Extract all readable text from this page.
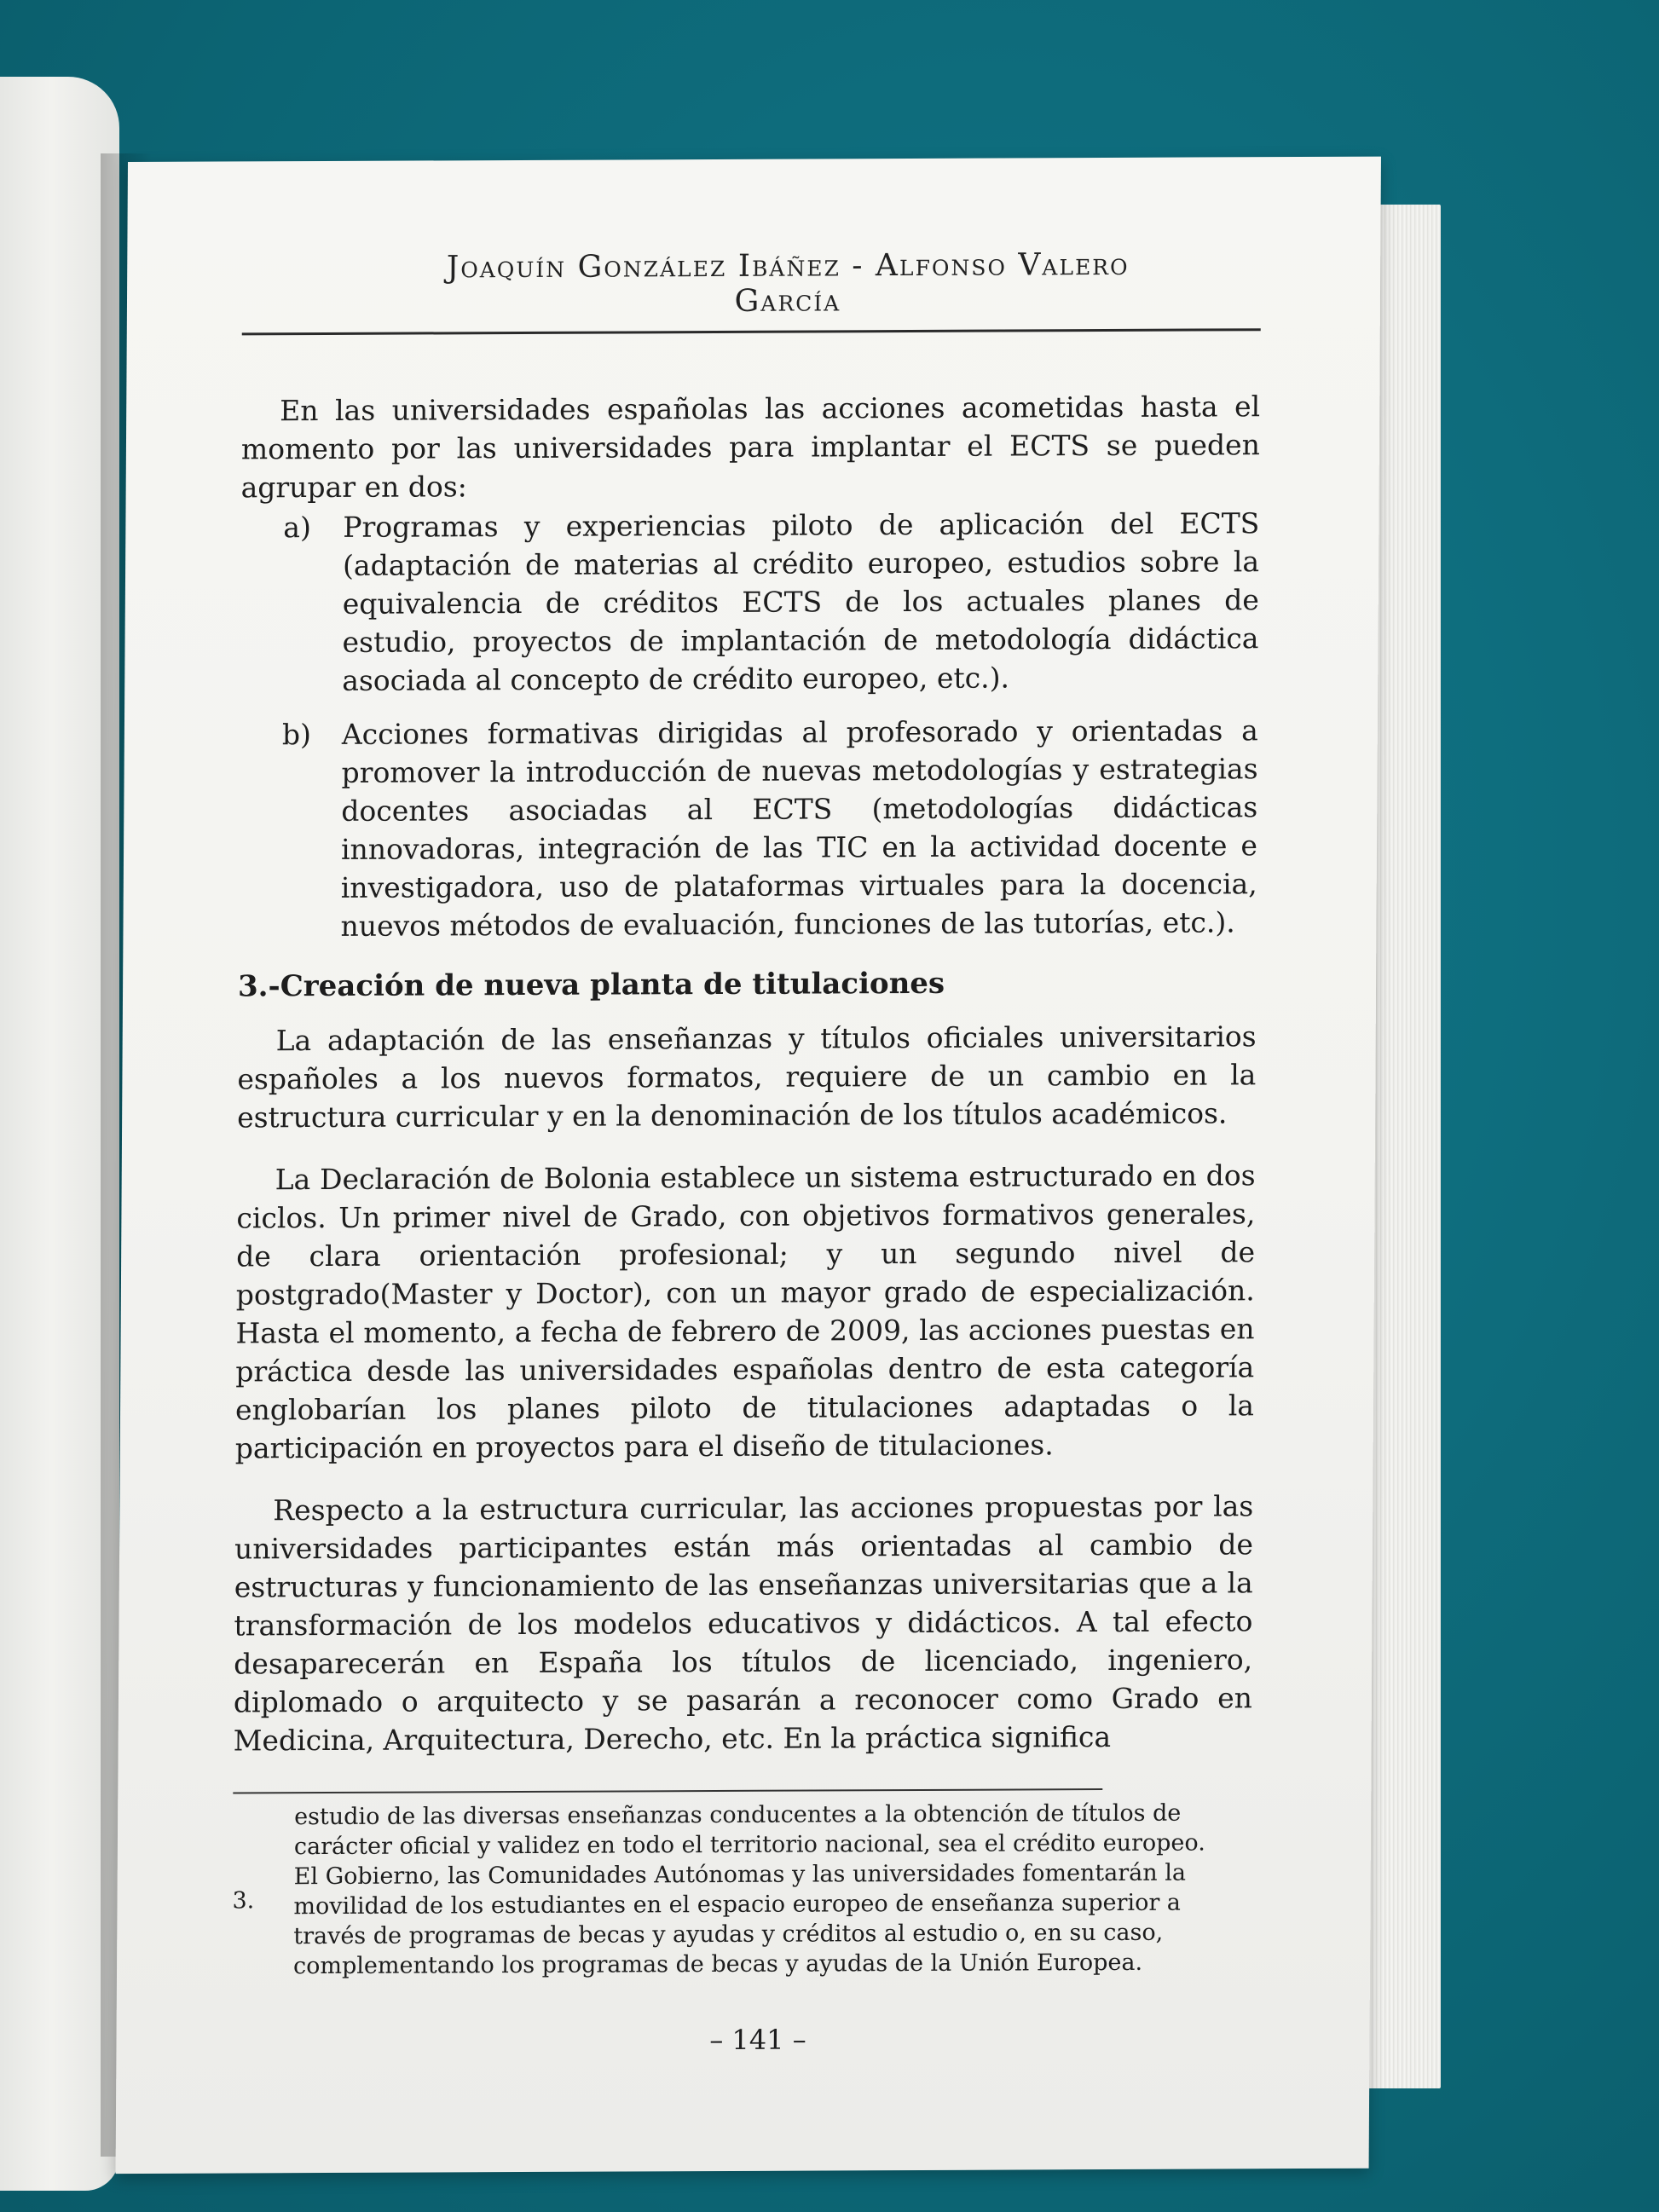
Joaquín González Ibáñez - Alfonso Valero García

En las universidades españolas las acciones acometidas hasta el momento por las universidades para implantar el ECTS se pueden agrupar en dos:

a)	Programas y experiencias piloto de aplicación del ECTS (adaptación de materias al crédito europeo, estudios sobre la equivalencia de créditos ECTS de los actuales planes de estudio, proyectos de implantación de metodología didáctica asociada al concepto de crédito europeo, etc.).
b)	Acciones formativas dirigidas al profesorado y orientadas a promover la introducción de nuevas metodologías y estrategias docentes asociadas al ECTS (metodologías didácticas innovadoras, integración de las TIC en la actividad docente e investigadora, uso de plataformas virtuales para la docencia, nuevos métodos de evaluación, funciones de las tutorías, etc.).
3.-Creación de nueva planta de titulaciones

La adaptación de las enseñanzas y títulos oficiales universitarios españoles a los nuevos formatos, requiere de un cambio en la estructura curricular y en la denominación de los títulos académicos.

La Declaración de Bolonia establece un sistema estructurado en dos ciclos. Un primer nivel de Grado, con objetivos formativos generales, de clara orientación profesional; y un segundo nivel de postgrado(Master y Doctor), con un mayor grado de especialización. Hasta el momento, a fecha de febrero de 2009, las acciones puestas en práctica desde las universidades españolas dentro de esta categoría englobarían los planes piloto de titulaciones adaptadas o la participación en proyectos para el diseño de titulaciones.

Respecto a la estructura curricular, las acciones propuestas por las universidades participantes están más orientadas al cambio de estructuras y funcionamiento de las enseñanzas universitarias que a la transformación de los modelos educativos y didácticos. A tal efecto desaparecerán en España los títulos de licenciado, ingeniero, diplomado o arquitecto y se pasarán a reconocer como Grado en Medicina, Arquitectura, Derecho, etc. En la práctica significa

estudio de las diversas enseñanzas conducentes a la obtención de títulos de carácter oficial y validez en todo el territorio nacional, sea el crédito europeo.
3.
El Gobierno, las Comunidades Autónomas y las universidades fomentarán la movilidad de los estudiantes en el espacio europeo de enseñanza superior a través de programas de becas y ayudas y créditos al estudio o, en su caso, complementando los programas de becas y ayudas de la Unión Europea.
– 141 –
